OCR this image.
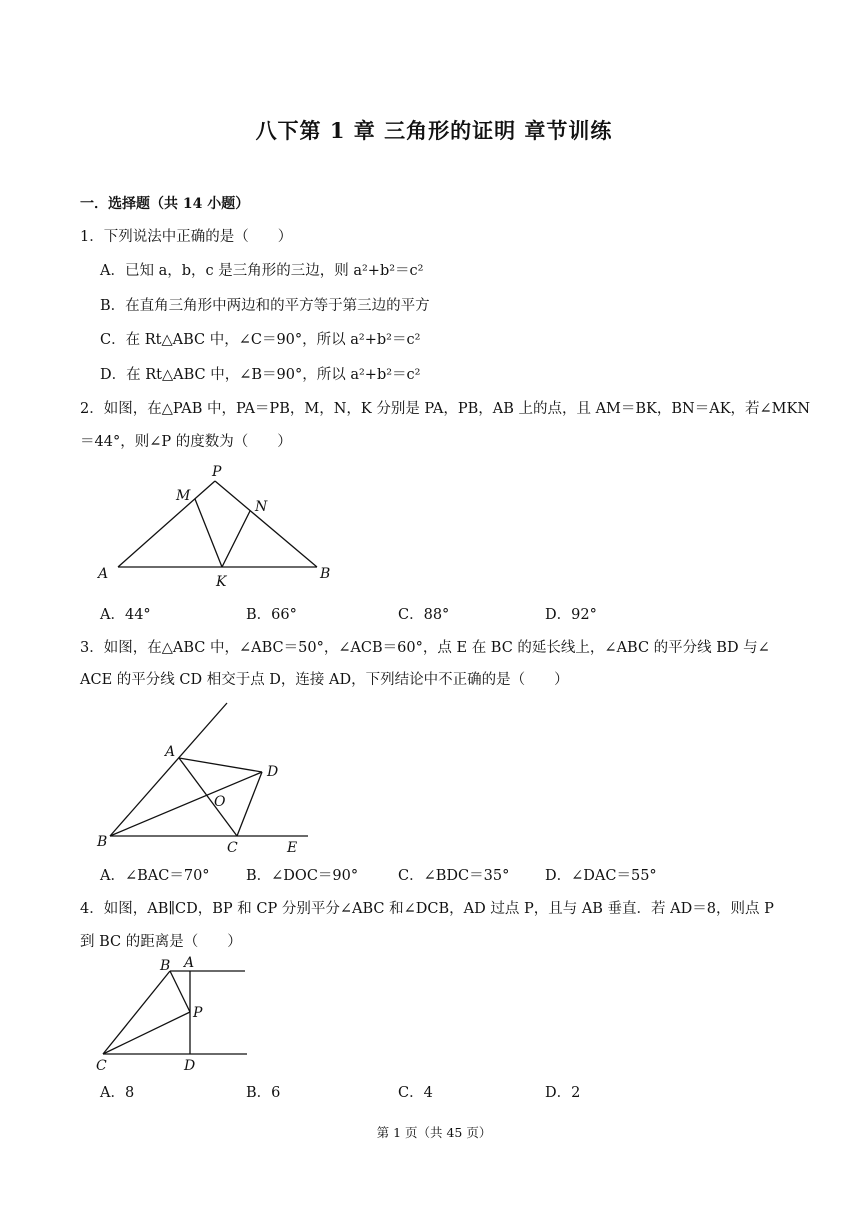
八下第 1 章 三角形的证明 章节训练
一．选择题（共 14 小题）
1．下列说法中正确的是（　　）
A．已知 a，b，c 是三角形的三边，则 a²+b²＝c²
B．在直角三角形中两边和的平方等于第三边的平方
C．在 Rt△ABC 中，∠C＝90°，所以 a²+b²＝c²
D．在 Rt△ABC 中，∠B＝90°，所以 a²+b²＝c²
2．如图，在△PAB 中，PA＝PB，M，N，K 分别是 PA，PB，AB 上的点，且 AM＝BK，BN＝AK，若∠MKN
＝44°，则∠P 的度数为（　　）
P
M
N
A	K	B
A．44°	B．66°	C．88°	D．92°
3．如图，在△ABC 中，∠ABC＝50°，∠ACB＝60°，点 E 在 BC 的延长线上，∠ABC 的平分线 BD 与∠
ACE 的平分线 CD 相交于点 D，连接 AD，下列结论中不正确的是（　　）
A
D
O
B	C	E
A．∠BAC＝70°	B．∠DOC＝90°	C．∠BDC＝35° D．∠DAC＝55°
4．如图，AB∥CD，BP 和 CP 分别平分∠ABC 和∠DCB，AD 过点 P，且与 AB 垂直．若 AD＝8，则点 P
到 BC 的距离是（　　）
B A
P
C	D
A．8	B．6	C．4	D．2
第 1 页（共 45 页）
